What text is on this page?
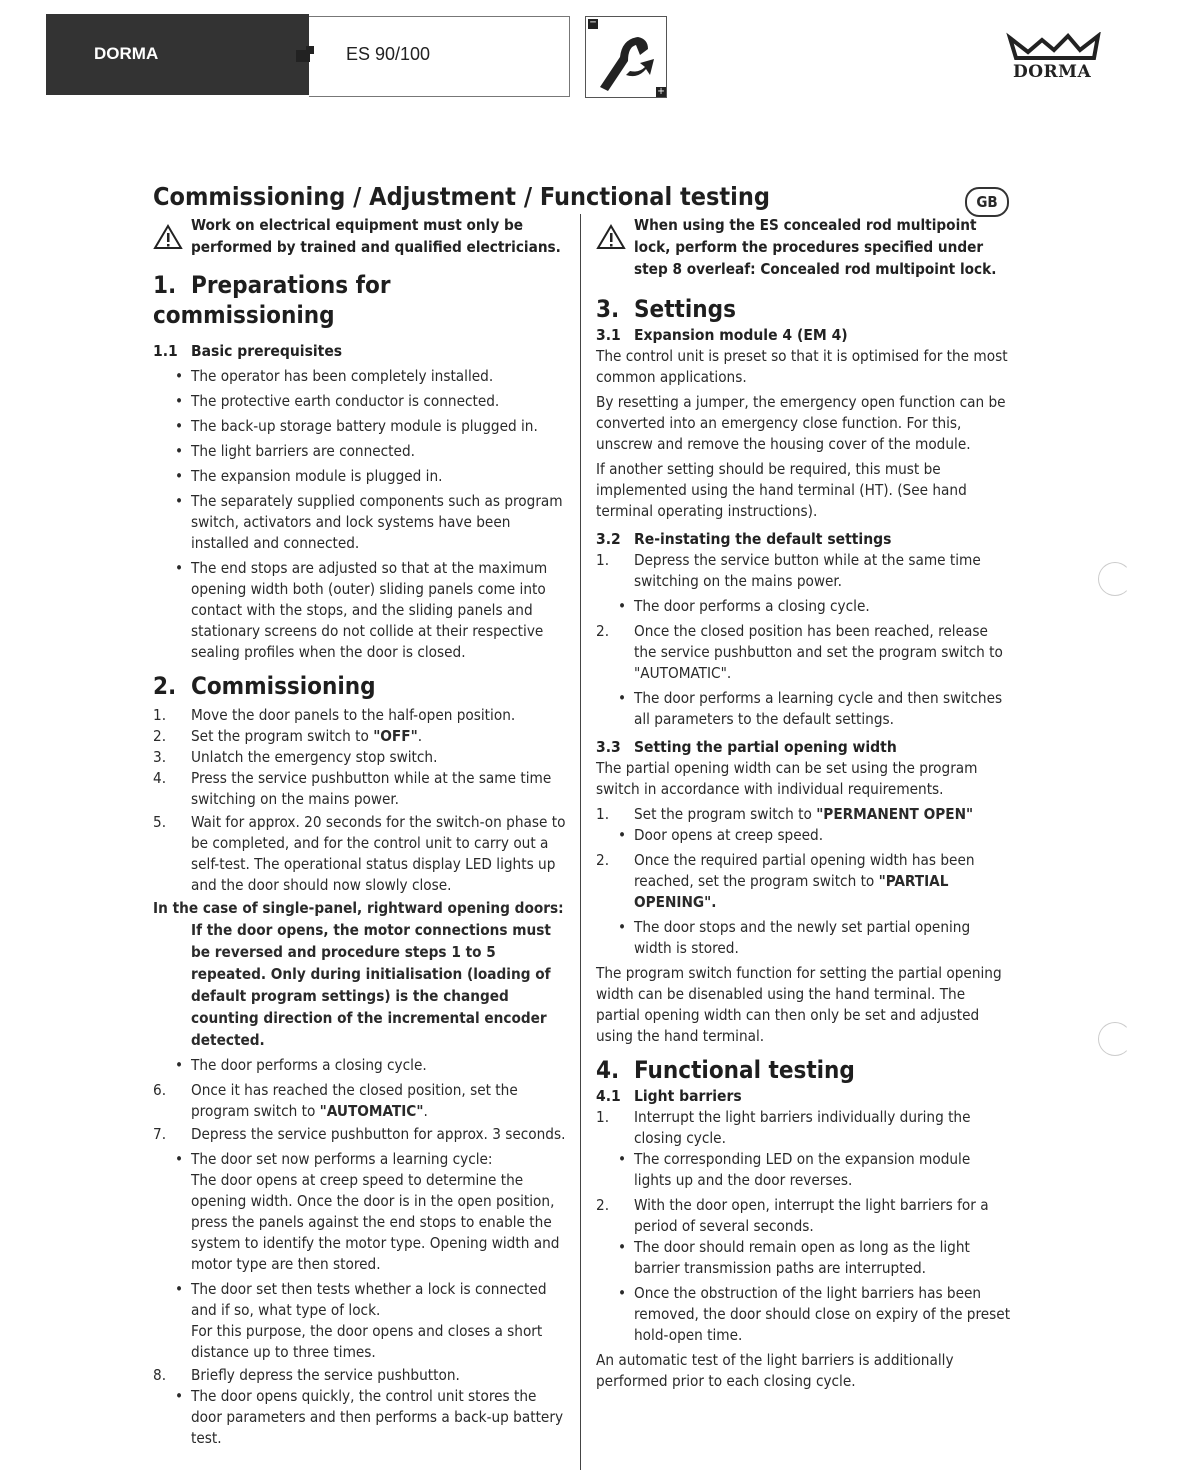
DORMA	ES 90/100
−
+
DORMA
Commissioning / Adjustment / Functional testing	GB
Work on electrical equipment must only be performed by trained and qualified electricians.
1. Preparations for commissioning
1.1 Basic prerequisites
• The operator has been completely installed.
• The protective earth conductor is connected.
• The back-up storage battery module is plugged in.
• The light barriers are connected.
• The expansion module is plugged in.
• The separately supplied components such as program switch, activators and lock systems have been installed and connected.
• The end stops are adjusted so that at the maximum opening width both (outer) sliding panels come into contact with the stops, and the sliding panels and stationary screens do not collide at their respective sealing profiles when the door is closed.
2. Commissioning
1. Move the door panels to the half-open position.
2. Set the program switch to "OFF".
3. Unlatch the emergency stop switch.
4. Press the service pushbutton while at the same time switching on the mains power.
5. Wait for approx. 20 seconds for the switch-on phase to be completed, and for the control unit to carry out a self-test. The operational status display LED lights up and the door should now slowly close.
In the case of single-panel, rightward opening doors:
If the door opens, the motor connections must be reversed and procedure steps 1 to 5 repeated. Only during initialisation (loading of default program settings) is the changed counting direction of the incremental encoder detected.
• The door performs a closing cycle.
6. Once it has reached the closed position, set the program switch to "AUTOMATIC".
7. Depress the service pushbutton for approx. 3 seconds.
• The door set now performs a learning cycle:
The door opens at creep speed to determine the opening width. Once the door is in the open position, press the panels against the end stops to enable the system to identify the motor type. Opening width and motor type are then stored.
• The door set then tests whether a lock is connected and if so, what type of lock.
For this purpose, the door opens and closes a short distance up to three times.
8. Briefly depress the service pushbutton.
• The door opens quickly, the control unit stores the door parameters and then performs a back-up battery test.
When using the ES concealed rod multipoint lock, perform the procedures specified under step 8 overleaf: Concealed rod multipoint lock.
3. Settings
3.1 Expansion module 4 (EM 4)

The control unit is preset so that it is optimised for the most common applications.

By resetting a jumper, the emergency open function can be converted into an emergency close function. For this, unscrew and remove the housing cover of the module.

If another setting should be required, this must be implemented using the hand terminal (HT). (See hand terminal operating instructions).

3.2 Re-instating the default settings
1. Depress the service button while at the same time switching on the mains power.
• The door performs a closing cycle.
2. Once the closed position has been reached, release the service pushbutton and set the program switch to "AUTOMATIC".
• The door performs a learning cycle and then switches all parameters to the default settings.
3.3 Setting the partial opening width

The partial opening width can be set using the program switch in accordance with individual requirements.

1. Set the program switch to "PERMANENT OPEN"
• Door opens at creep speed.
2. Once the required partial opening width has been reached, set the program switch to "PARTIAL OPENING".
• The door stops and the newly set partial opening width is stored.

The program switch function for setting the partial opening width can be disenabled using the hand terminal. The partial opening width can then only be set and adjusted using the hand terminal.

4. Functional testing
4.1 Light barriers
1. Interrupt the light barriers individually during the closing cycle.
• The corresponding LED on the expansion module lights up and the door reverses.
2. With the door open, interrupt the light barriers for a period of several seconds.
• The door should remain open as long as the light barrier transmission paths are interrupted.
• Once the obstruction of the light barriers has been removed, the door should close on expiry of the preset hold-open time.

An automatic test of the light barriers is additionally performed prior to each closing cycle.
